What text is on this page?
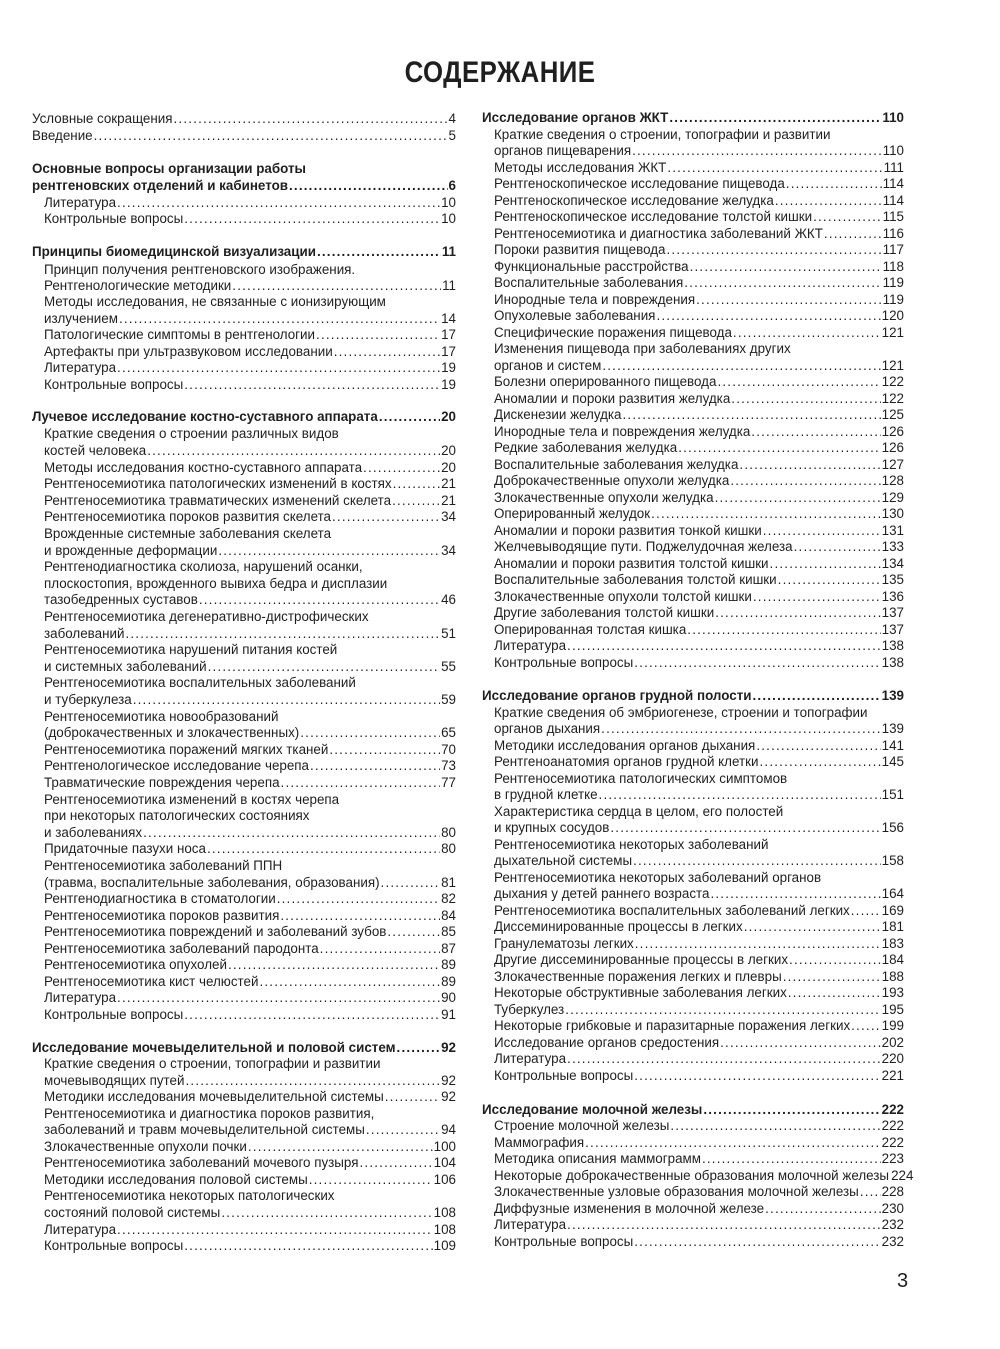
СОДЕРЖАНИЕ
Условные сокращения .....	4
Введение .....	5
Основные вопросы организации работы
рентгеновских отделений и кабинетов .....	6
Литература .....	10
Контрольные вопросы .....	10
Принципы биомедицинской визуализации .....	11
Принцип получения рентгеновского изображения.
Рентгенологические методики .....	11
Методы исследования, не связанные с ионизирующим
излучением .....	14
Патологические симптомы в рентгенологии .....	17
Артефакты при ультразвуковом исследовании .....	17
Литература .....	19
Контрольные вопросы .....	19
Лучевое исследование костно-суставного аппарата .....	20
Краткие сведения о строении различных видов
костей человека .....	20
Методы исследования костно-суставного аппарата .....	20
Рентгеносемиотика патологических изменений в костях .....	21
Рентгеносемиотика травматических изменений скелета .....	21
Рентгеносемиотика пороков развития скелета .....	34
Врожденные системные заболевания скелета
и врожденные деформации .....	34
Рентгенодиагностика сколиоза, нарушений осанки,
плоскостопия, врожденного вывиха бедра и дисплазии
тазобедренных суставов .....	46
Рентгеносемиотика дегенеративно-дистрофических
заболеваний .....	51
Рентгеносемиотика нарушений питания костей
и системных заболеваний .....	55
Рентгеносемиотика воспалительных заболеваний
и туберкулеза .....	59
Рентгеносемиотика новообразований
(доброкачественных и злокачественных) .....	65
Рентгеносемиотика поражений мягких тканей .....	70
Рентгенологическое исследование черепа .....	73
Травматические повреждения черепа .....	77
Рентгеносемиотика изменений в костях черепа
при некоторых патологических состояниях
и заболеваниях .....	80
Придаточные пазухи носа .....	80
Рентгеносемиотика заболеваний ППН
(травма, воспалительные заболевания, образования) .....	81
Рентгенодиагностика в стоматологии .....	82
Рентгеносемиотика пороков развития .....	84
Рентгеносемиотика повреждений и заболеваний зубов .....	85
Рентгеносемиотика заболеваний пародонта .....	87
Рентгеносемиотика опухолей .....	89
Рентгеносемиотика кист челюстей .....	89
Литература .....	90
Контрольные вопросы .....	91
Исследование мочевыделительной и половой систем .....	92
Краткие сведения о строении, топографии и развитии
мочевыводящих путей .....	92
Методики исследования мочевыделительной системы .....	92
Рентгеносемиотика и диагностика пороков развития,
заболеваний и травм мочевыделительной системы .....	94
Злокачественные опухоли почки .....	100
Рентгеносемиотика заболеваний мочевого пузыря .....	104
Методики исследования половой системы .....	106
Рентгеносемиотика некоторых патологических
состояний половой системы .....	108
Литература .....	108
Контрольные вопросы .....	109
Исследование органов ЖКТ .....	110
Краткие сведения о строении, топографии и развитии
органов пищеварения .....	110
Методы исследования ЖКТ .....	111
Рентгеноскопическое исследование пищевода .....	114
Рентгеноскопическое исследование желудка .....	114
Рентгеноскопическое исследование толстой кишки .....	115
Рентгеносемиотика и диагностика заболеваний ЖКТ .....	116
Пороки развития пищевода .....	117
Функциональные расстройства .....	118
Воспалительные заболевания .....	119
Инородные тела и повреждения .....	119
Опухолевые заболевания .....	120
Специфические поражения пищевода .....	121
Изменения пищевода при заболеваниях других
органов и систем .....	121
Болезни оперированного пищевода .....	122
Аномалии и пороки развития желудка .....	122
Дискенезии желудка .....	125
Инородные тела и повреждения желудка .....	126
Редкие заболевания желудка .....	126
Воспалительные заболевания желудка .....	127
Доброкачественные опухоли желудка .....	128
Злокачественные опухоли желудка .....	129
Оперированный желудок .....	130
Аномалии и пороки развития тонкой кишки .....	131
Желчевыводящие пути. Поджелудочная железа .....	133
Аномалии и пороки развития толстой кишки .....	134
Воспалительные заболевания толстой кишки .....	135
Злокачественные опухоли толстой кишки .....	136
Другие заболевания толстой кишки .....	137
Оперированная толстая кишка .....	137
Литература .....	138
Контрольные вопросы .....	138
Исследование органов грудной полости .....	139
Краткие сведения об эмбриогенезе, строении и топографии
органов дыхания .....	139
Методики исследования органов дыхания .....	141
Рентгеноанатомия органов грудной клетки .....	145
Рентгеносемиотика патологических симптомов
в грудной клетке .....	151
Характеристика сердца в целом, его полостей
и крупных сосудов .....	156
Рентгеносемиотика некоторых заболеваний
дыхательной системы .....	158
Рентгеносемиотика некоторых заболеваний органов
дыхания у детей раннего возраста .....	164
Рентгеносемиотика воспалительных заболеваний легких ..... 169
Диссеминированные процессы в легких .....	181
Гранулематозы легких .....	183
Другие диссеминированные процессы в легких .....	184
Злокачественные поражения легких и плевры .....	188
Некоторые обструктивные заболевания легких .....	193
Туберкулез .....	195
Некоторые грибковые и паразитарные поражения легких ..... 199
Исследование органов средостения .....	202
Литература .....	220
Контрольные вопросы .....	221
Исследование молочной железы .....	222
Строение молочной железы .....	222
Маммография .....	222
Методика описания маммограмм .....	223
Некоторые доброкачественные образования молочной железы 224
Злокачественные узловые образования молочной железы ..... 228
Диффузные изменения в молочной железе .....	230
Литература .....	232
Контрольные вопросы .....	232
3
